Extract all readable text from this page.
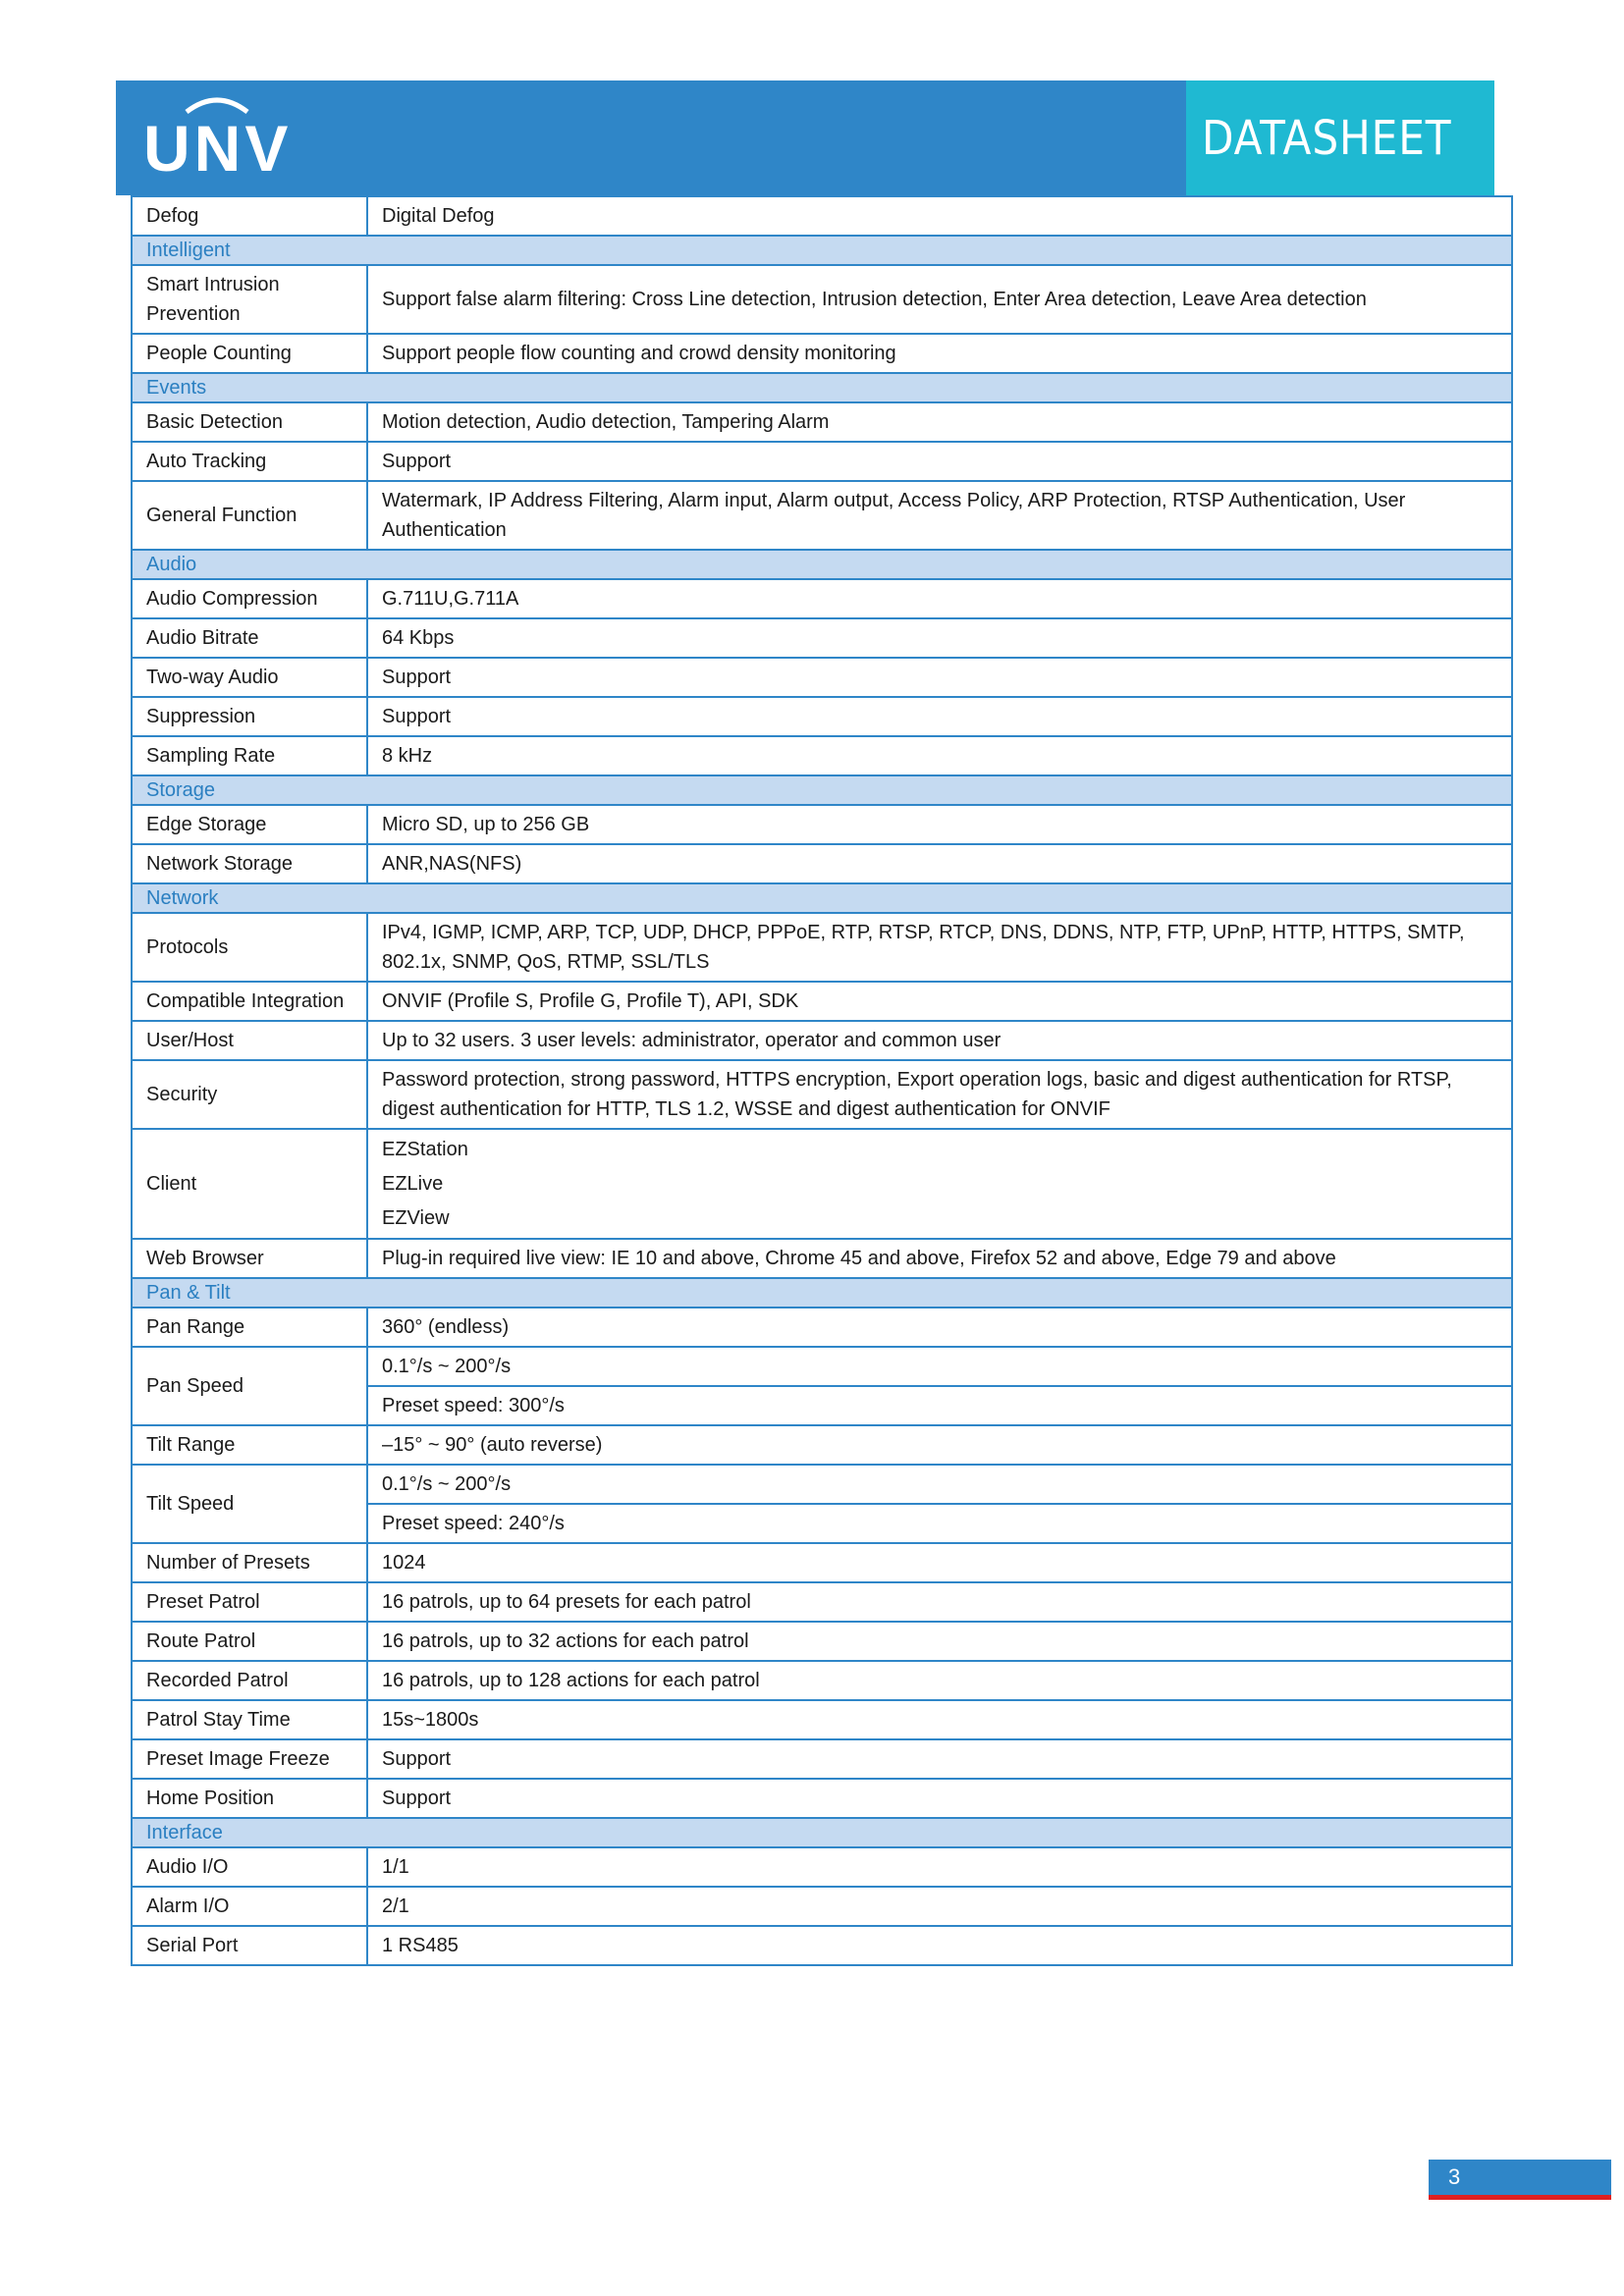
UNV	DATASHEET
Defog	Digital Defog
Intelligent	
Smart Intrusion Prevention	Support false alarm filtering: Cross Line detection, Intrusion detection, Enter Area detection, Leave Area detection
People Counting	Support people flow counting and crowd density monitoring
Events	
Basic Detection	Motion detection, Audio detection, Tampering Alarm
Auto Tracking	Support
General Function	Watermark, IP Address Filtering, Alarm input, Alarm output, Access Policy, ARP Protection, RTSP Authentication, User Authentication
Audio	
Audio Compression	G.711U,G.711A
Audio Bitrate	64 Kbps
Two-way Audio	Support
Suppression	Support
Sampling Rate	8 kHz
Storage	
Edge Storage	Micro SD, up to 256 GB
Network Storage	ANR,NAS(NFS)
Network	
Protocols	IPv4, IGMP, ICMP, ARP, TCP, UDP, DHCP, PPPoE, RTP, RTSP, RTCP, DNS, DDNS, NTP, FTP, UPnP, HTTP, HTTPS, SMTP, 802.1x, SNMP, QoS, RTMP, SSL/TLS
Compatible Integration	ONVIF (Profile S, Profile G, Profile T), API, SDK
User/Host	Up to 32 users. 3 user levels: administrator, operator and common user
Security	Password protection, strong password, HTTPS encryption, Export operation logs, basic and digest authentication for RTSP, digest authentication for HTTP, TLS 1.2, WSSE and digest authentication for ONVIF
Client	EZStation
EZLive
EZView

Web Browser	Plug-in required live view: IE 10 and above, Chrome 45 and above, Firefox 52 and above, Edge 79 and above
Pan & Tilt	
Pan Range	360° (endless)
Pan Speed	0.1°/s ~ 200°/s
	Preset speed: 300°/s
Tilt Range	–15° ~ 90° (auto reverse)
Tilt Speed	0.1°/s ~ 200°/s
	Preset speed: 240°/s
Number of Presets	1024
Preset Patrol	16 patrols, up to 64 presets for each patrol
Route Patrol	16 patrols, up to 32 actions for each patrol
Recorded Patrol	16 patrols, up to 128 actions for each patrol
Patrol Stay Time	15s~1800s
Preset Image Freeze	Support
Home Position	Support
Interface	
Audio I/O	1/1
Alarm I/O	2/1
Serial Port	1 RS485
3
